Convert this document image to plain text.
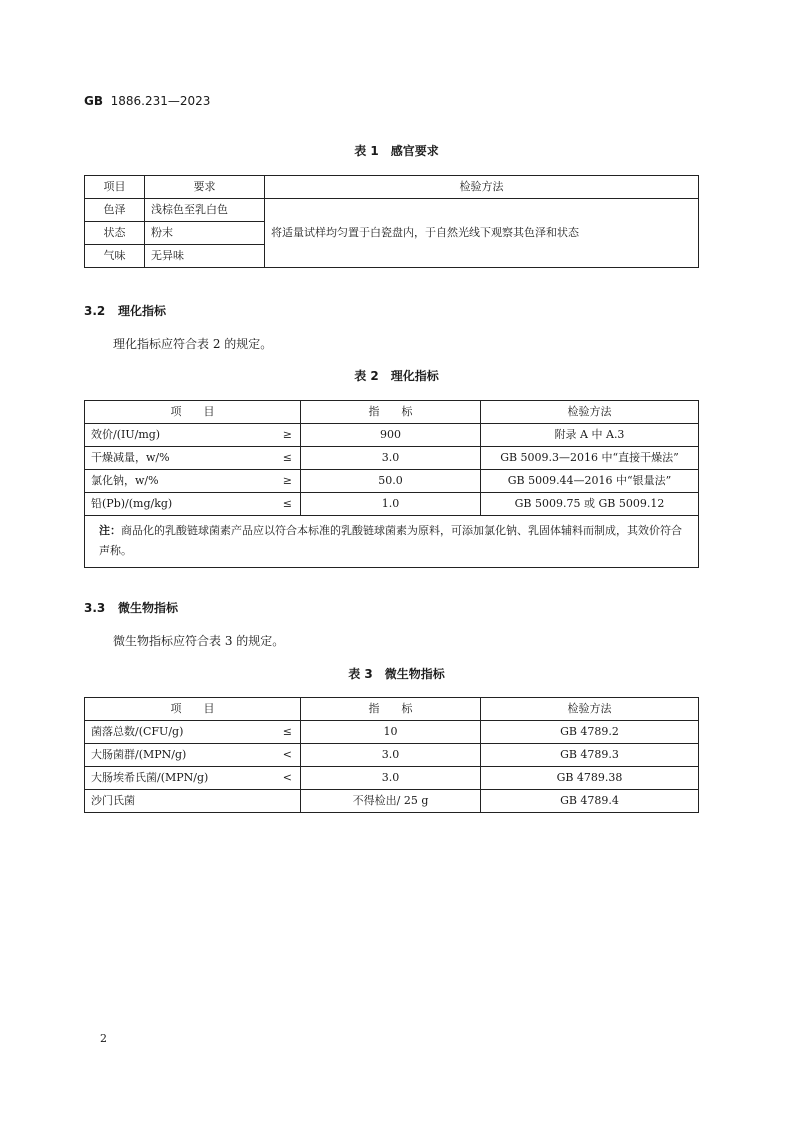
GB 1886.231—2023
表 1　感官要求
项目	要求	检验方法
色泽	浅棕色至乳白色	将适量试样均匀置于白瓷盘内，于自然光线下观察其色泽和状态
状态	粉末	
气味	无异味	
3.2 理化指标
理化指标应符合表 2 的规定。
表 2　理化指标
项　　目	指　　标	检验方法
效价/(IU/mg) ≥	900	附录 A 中 A.3
干燥减量，w/% ≤	3.0	GB 5009.3—2016 中“直接干燥法”
氯化钠，w/% ≥	50.0	GB 5009.44—2016 中“银量法”
铅(Pb)/(mg/kg) ≤	1.0	GB 5009.75 或 GB 5009.12
注：商品化的乳酸链球菌素产品应以符合本标准的乳酸链球菌素为原料，可添加氯化钠、乳固体辅料而制成，其效价符合声称。		
3.3 微生物指标
微生物指标应符合表 3 的规定。
表 3　微生物指标
项　　目	指　　标	检验方法
菌落总数/(CFU/g) ≤	10	GB 4789.2
大肠菌群/(MPN/g) <	3.0	GB 4789.3
大肠埃希氏菌/(MPN/g) <	3.0	GB 4789.38
沙门氏菌	不得检出/ 25 g	GB 4789.4
2
